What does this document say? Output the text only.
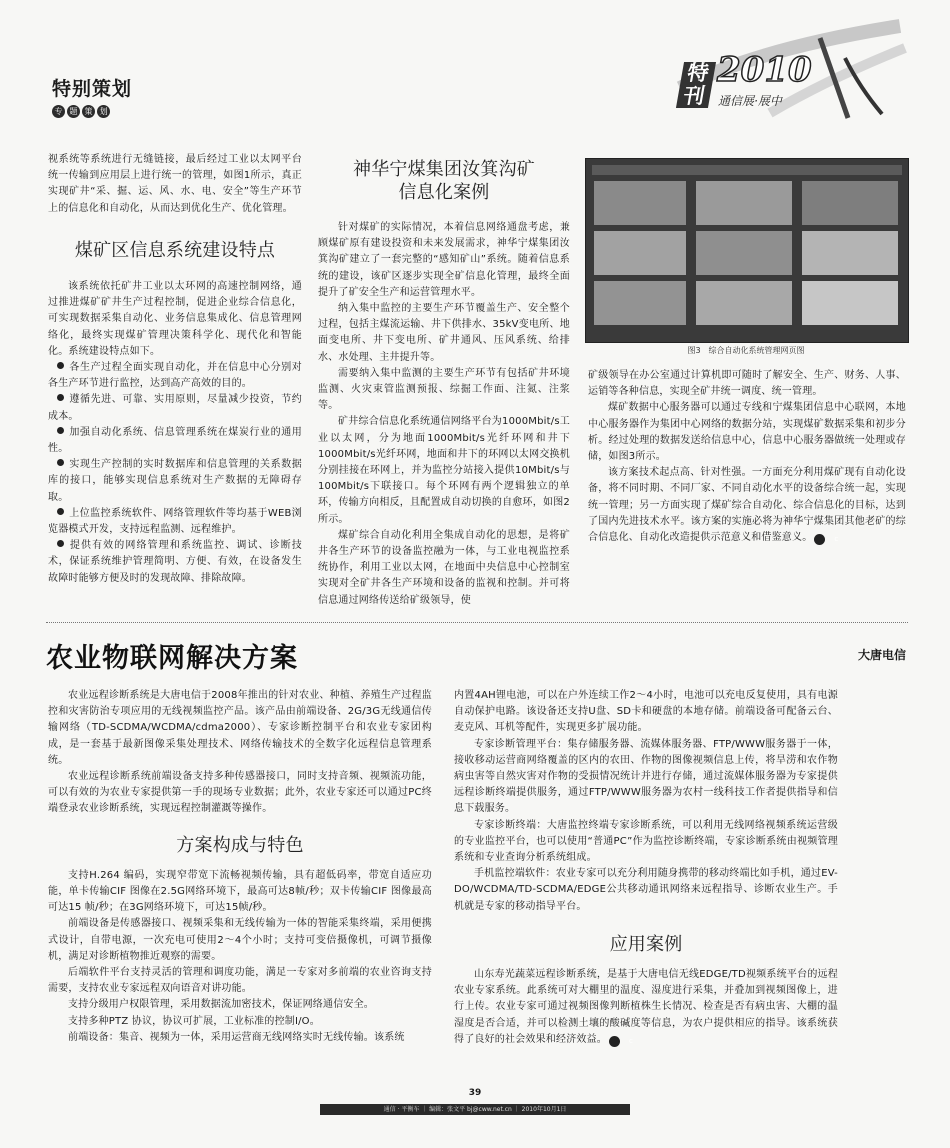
特别策划
专 题 策 划
特刊
2010
通信展·展中

视系统等系统进行无缝链接，最后经过工业以太网平台统一传输到应用层上进行统一的管理，如图1所示，真正实现矿井“采、掘、运、风、水、电、安全”等生产环节上的信息化和自动化，从而达到优化生产、优化管理。

煤矿区信息系统建设特点

该系统依托矿井工业以太环网的高速控制网络，通过推进煤矿矿井生产过程控制，促进企业综合信息化，可实现数据采集自动化、业务信息集成化、信息管理网络化，最终实现煤矿管理决策科学化、现代化和智能化。系统建设特点如下。

各生产过程全面实现自动化，并在信息中心分别对各生产环节进行监控，达到高产高效的目的。

遵循先进、可靠、实用原则，尽量减少投资，节约成本。

加强自动化系统、信息管理系统在煤炭行业的通用性。

实现生产控制的实时数据库和信息管理的关系数据库的接口，能够实现信息系统对生产数据的无障碍存取。

上位监控系统软件、网络管理软件等均基于WEB浏览器模式开发，支持远程监测、远程维护。

提供有效的网络管理和系统监控、调试、诊断技术，保证系统维护管理简明、方便、有效，在设备发生故障时能够方便及时的发现故障、排除故障。

神华宁煤集团汝箕沟矿
信息化案例

针对煤矿的实际情况，本着信息网络通盘考虑，兼顾煤矿原有建设投资和未来发展需求，神华宁煤集团汝箕沟矿建立了一套完整的“感知矿山”系统。随着信息系统的建设，该矿区逐步实现全矿信息化管理，最终全面提升了矿安全生产和运营管理水平。

纳入集中监控的主要生产环节覆盖生产、安全整个过程，包括主煤流运输、井下供排水、35kV变电所、地面变电所、井下变电所、矿井通风、压风系统、给排水、水处理、主井提升等。

需要纳入集中监测的主要生产环节有包括矿井环境监测、火灾束管监测预报、综掘工作面、注氮、注浆等。

矿井综合信息化系统通信网络平台为1000Mbit/s工业以太网，分为地面1000Mbit/s光纤环网和井下1000Mbit/s光纤环网，地面和井下的环网以太网交换机分别挂接在环网上，并为监控分站接入提供10Mbit/s与100Mbit/s下联接口。每个环网有两个逻辑独立的单环，传输方向相反，且配置成自动切换的自愈环，如图2所示。

煤矿综合自动化利用全集成自动化的思想，是将矿井各生产环节的设备监控融为一体，与工业电视监控系统协作，利用工业以太网，在地面中央信息中心控制室实现对全矿井各生产环境和设备的监视和控制。并可将信息通过网络传送给矿级领导，使

图3　综合自动化系统管理网页图

矿级领导在办公室通过计算机即可随时了解安全、生产、财务、人事、运销等各种信息，实现全矿井统一调度、统一管理。

煤矿数据中心服务器可以通过专线和宁煤集团信息中心联网，本地中心服务器作为集团中心网络的数据分站，实现煤矿数据采集和初步分析。经过处理的数据发送给信息中心，信息中心服务器做统一处理或存储，如图3所示。

该方案技术起点高、针对性强。一方面充分利用煤矿现有自动化设备，将不同时期、不同厂家、不同自动化水平的设备综合统一起，实现统一管理；另一方面实现了煤矿综合自动化、综合信息化的目标，达到了国内先进技术水平。该方案的实施必将为神华宁煤集团其他老矿的综合信息化、自动化改造提供示范意义和借鉴意义。	c

农业物联网解决方案	大唐电信

农业远程诊断系统是大唐电信于2008年推出的针对农业、种植、养殖生产过程监控和灾害防治专项应用的无线视频监控产品。该产品由前端设备、2G/3G无线通信传输网络（TD-SCDMA/WCDMA/cdma2000）、专家诊断控制平台和农业专家团构成，是一套基于最新图像采集处理技术、网络传输技术的全数字化远程信息管理系统。

农业远程诊断系统前端设备支持多种传感器接口，同时支持音频、视频流功能，可以有效的为农业专家提供第一手的现场专业数据；此外，农业专家还可以通过PC终端登录农业诊断系统，实现远程控制灌溉等操作。

方案构成与特色

支持H.264 编码，实现窄带宽下流畅视频传输，具有超低码率，带宽自适应功能，单卡传输CIF 图像在2.5G网络环境下，最高可达8帧/秒；双卡传输CIF 图像最高可达15 帧/秒；在3G网络环境下，可达15帧/秒。

前端设备是传感器接口、视频采集和无线传输为一体的智能采集终端，采用便携式设计，自带电源，一次充电可使用2～4个小时；支持可变倍摄像机，可调节摄像机，满足对诊断植物推近观察的需要。

后端软件平台支持灵活的管理和调度功能，满足一专家对多前端的农业咨询支持需要，支持农业专家远程双向语音对讲功能。

支持分级用户权限管理，采用数据流加密技术，保证网络通信安全。

支持多种PTZ 协议，协议可扩展，工业标准的控制I/O。

前端设备：集音、视频为一体，采用运营商无线网络实时无线传输。该系统

内置4AH锂电池，可以在户外连续工作2～4小时，电池可以充电反复使用，具有电源自动保护电路。该设备还支持U盘、SD卡和硬盘的本地存储。前端设备可配备云台、麦克风、耳机等配件，实现更多扩展功能。

专家诊断管理平台：集存储服务器、流媒体服务器、FTP/WWW服务器于一体，接收移动运营商网络覆盖的区内的农田、作物的图像视频信息上传，将旱涝和农作物病虫害等自然灾害对作物的受损情况统计并进行存储，通过流媒体服务器为专家提供远程诊断终端提供服务，通过FTP/WWW服务器为农村一线科技工作者提供指导和信息下载服务。

专家诊断终端：大唐监控终端专家诊断系统，可以利用无线网络视频系统运营级的专业监控平台，也可以使用“普通PC”作为监控诊断终端，专家诊断系统由视频管理系统和专业查询分析系统组成。

手机监控端软件：农业专家可以充分利用随身携带的移动终端比如手机，通过EV-DO/WCDMA/TD-SCDMA/EDGE公共移动通讯网络来远程指导、诊断农业生产。手机就是专家的移动指导平台。

应用案例

山东寿光蔬菜远程诊断系统，是基于大唐电信无线EDGE/TD视频系统平台的远程农业专家系统。此系统可对大棚里的温度、湿度进行采集，并叠加到视频图像上，进行上传。农业专家可通过视频图像判断植株生长情况、检查是否有病虫害、大棚的温湿度是否合适，并可以检测土壤的酸碱度等信息，为农户提供相应的指导。该系统获得了良好的社会效果和经济效益。	c

39
通信 · 平衡车 ｜ 编辑：张文平 bj@cww.net.cn ｜ 2010年10月1日
